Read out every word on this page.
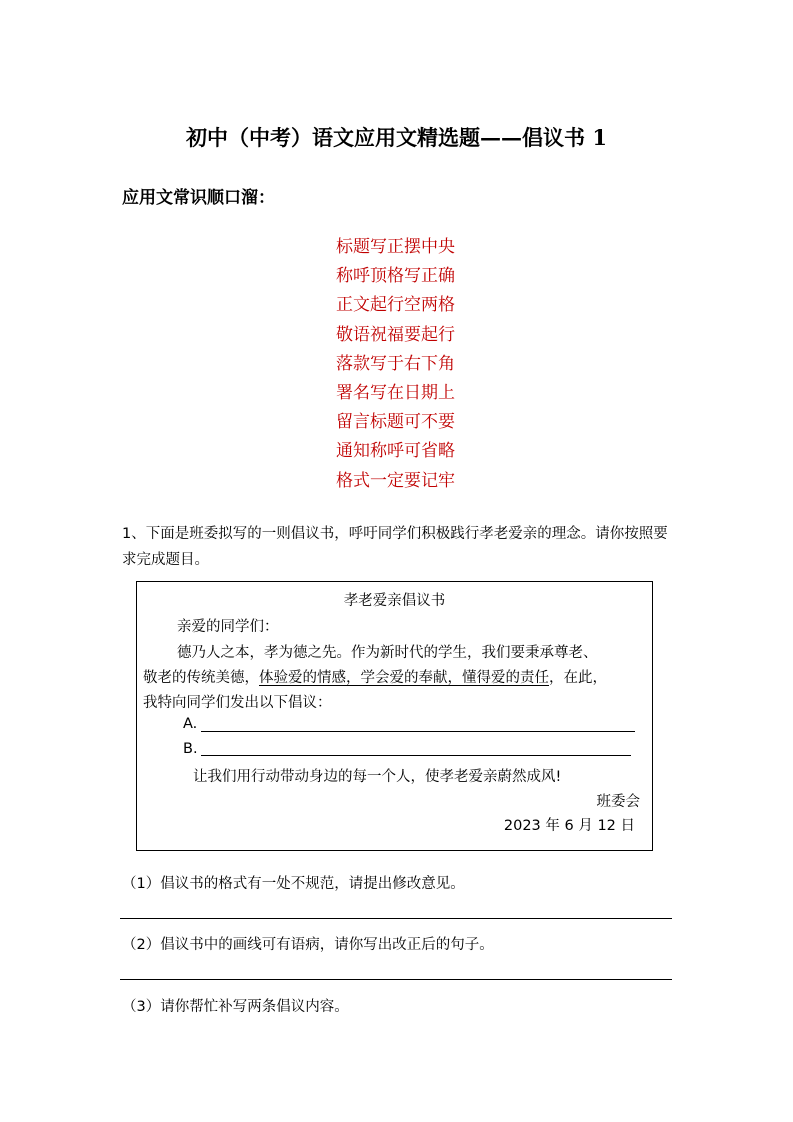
初中（中考）语文应用文精选题——倡议书 1
应用文常识顺口溜：
标题写正摆中央
称呼顶格写正确
正文起行空两格
敬语祝福要起行
落款写于右下角
署名写在日期上
留言标题可不要
通知称呼可省略
格式一定要记牢
1、下面是班委拟写的一则倡议书，呼吁同学们积极践行孝老爱亲的理念。请你按照要求完成题目。
孝老爱亲倡议书
亲爱的同学们：
德乃人之本，孝为德之先。作为新时代的学生，我们要秉承尊老、
敬老的传统美德，体验爱的情感，学会爱的奉献，懂得爱的责任，在此，
我特向同学们发出以下倡议：
A.
B.
让我们用行动带动身边的每一个人，使孝老爱亲蔚然成风!
班委会
2023 年 6 月 12 日
（1）倡议书的格式有一处不规范，请提出修改意见。
（2）倡议书中的画线可有语病，请你写出改正后的句子。
（3）请你帮忙补写两条倡议内容。
